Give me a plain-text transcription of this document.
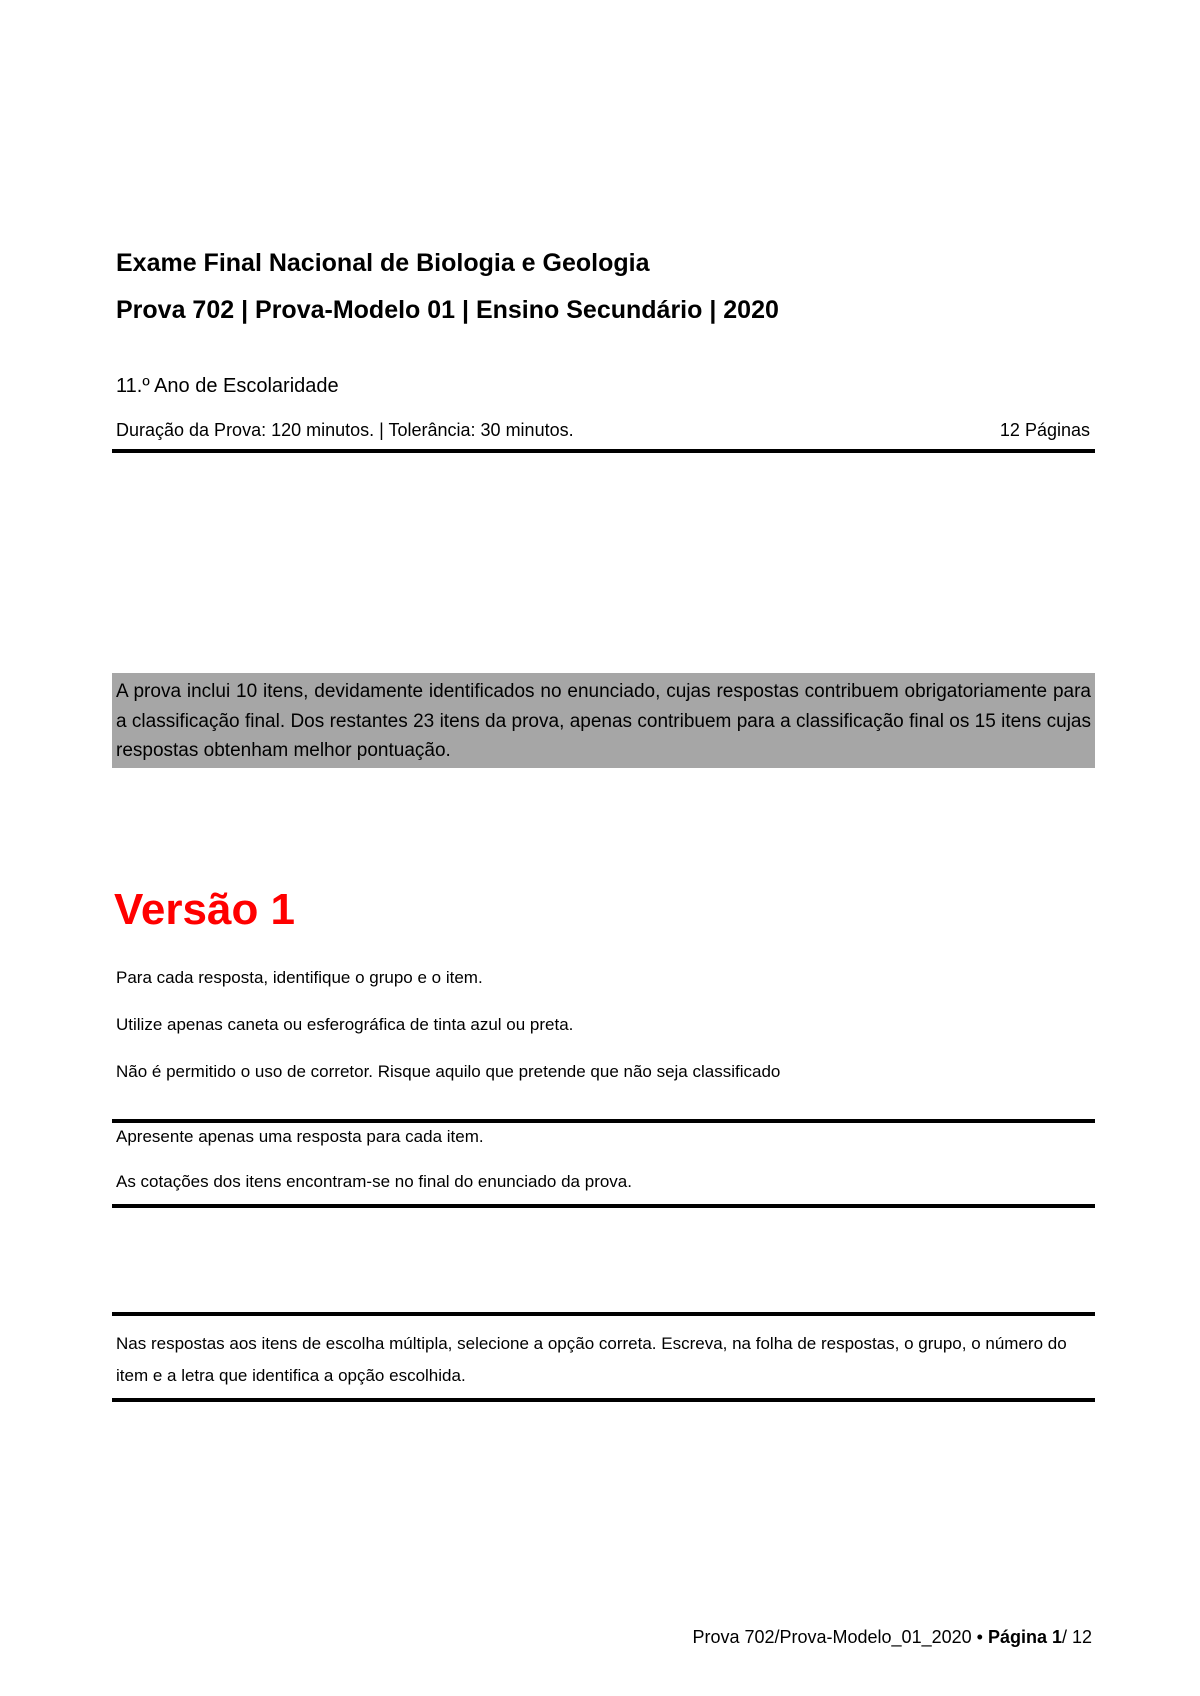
Exame Final Nacional de Biologia e Geologia
Prova 702 | Prova-Modelo 01 | Ensino Secundário | 2020

11.º Ano de Escolaridade

Duração da Prova: 120 minutos. | Tolerância: 30 minutos.	12 Páginas
A prova inclui 10 itens, devidamente identificados no enunciado, cujas respostas contribuem obrigatoriamente para a classificação final. Dos restantes 23 itens da prova, apenas contribuem para a classificação final os 15 itens cujas respostas obtenham melhor pontuação.
Versão 1

Para cada resposta, identifique o grupo e o item.

Utilize apenas caneta ou esferográfica de tinta azul ou preta.

Não é permitido o uso de corretor. Risque aquilo que pretende que não seja classificado

Apresente apenas uma resposta para cada item.

As cotações dos itens encontram-se no final do enunciado da prova.

Nas respostas aos itens de escolha múltipla, selecione a opção correta. Escreva, na folha de respostas, o grupo, o número do item e a letra que identifica a opção escolhida.

Prova 702/Prova-Modelo_01_2020 • Página 1/ 12
